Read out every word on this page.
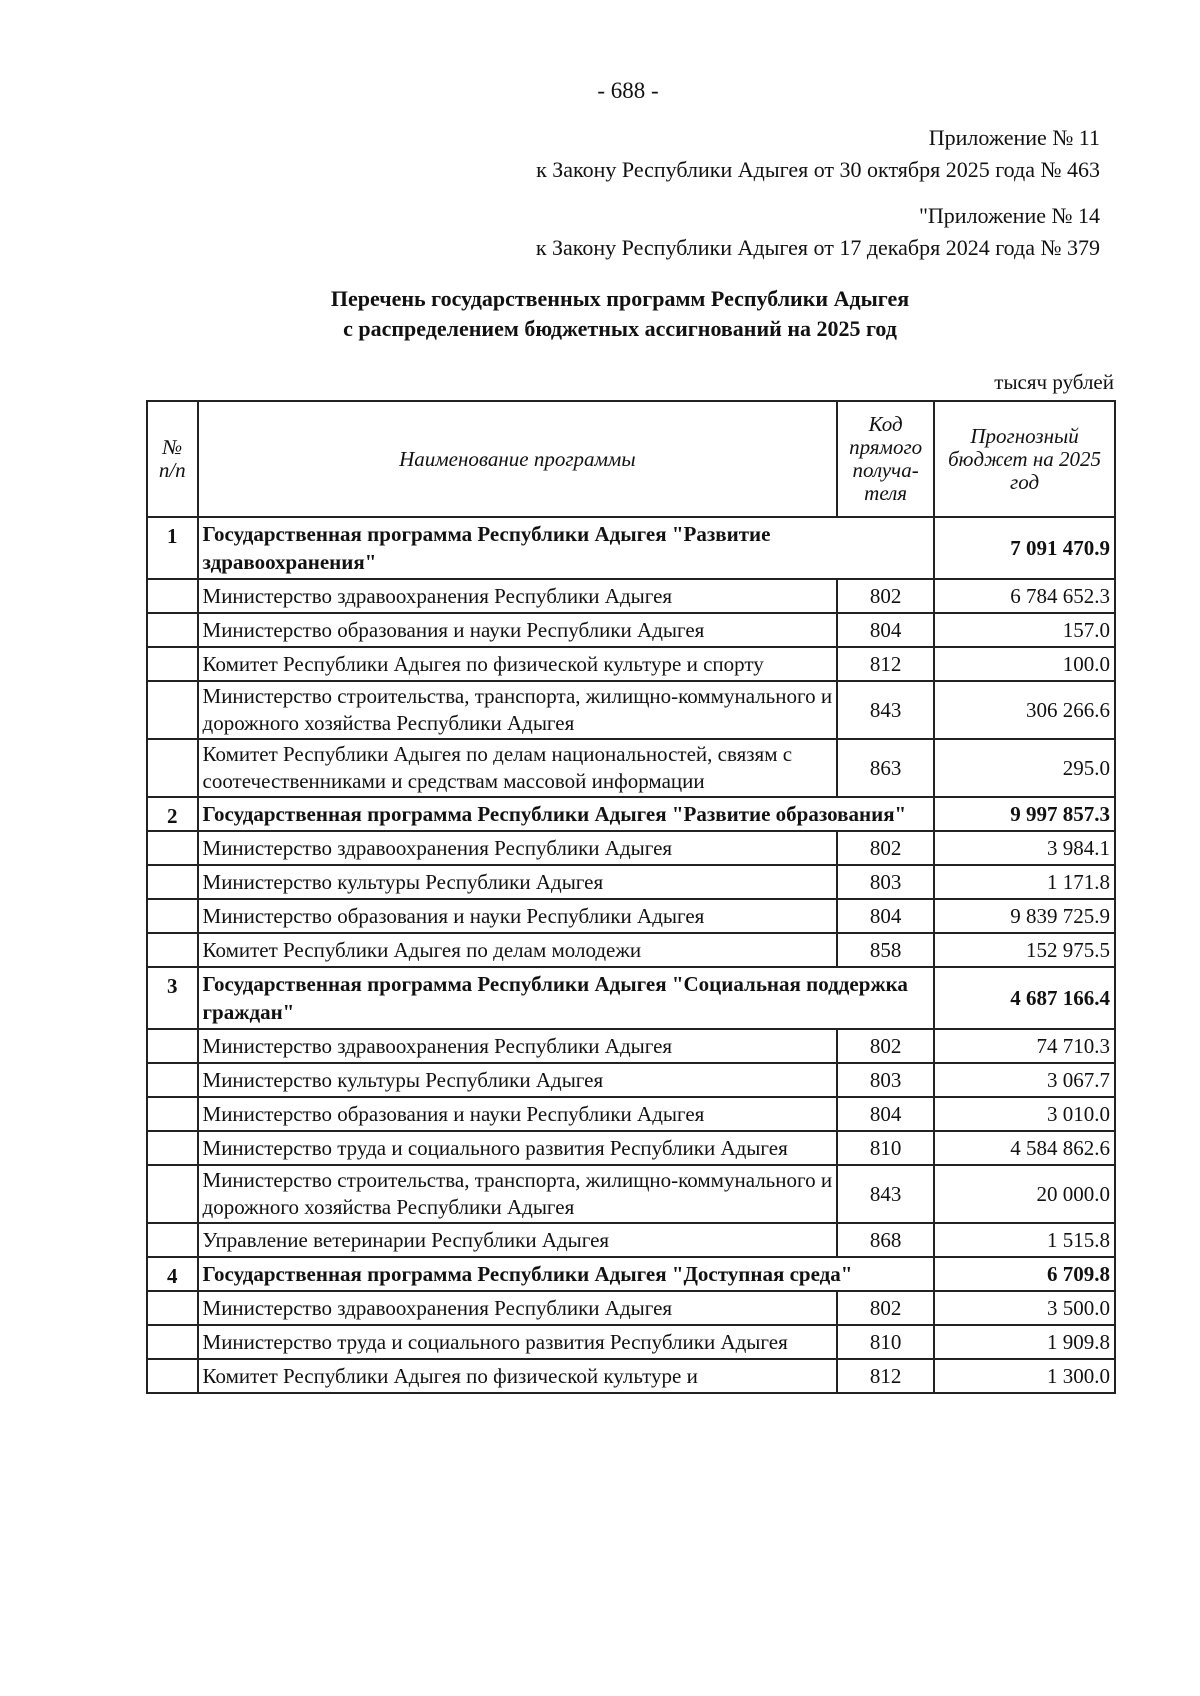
- 688 -
Приложение № 11
к Закону Республики Адыгея от 30 октября 2025 года № 463
"Приложение № 14
к Закону Республики Адыгея от 17 декабря 2024 года № 379
Перечень государственных программ Республики Адыгея
с распределением бюджетных ассигнований на 2025 год
тысяч рублей
№ п/п	Наименование программы	Код прямого получа-теля	Прогнозный бюджет на 2025 год
1	Государственная программа Республики Адыгея "Развитие здравоохранения"		7 091 470.9
	Министерство здравоохранения Республики Адыгея	802	6 784 652.3
	Министерство образования и науки Республики Адыгея	804	157.0
	Комитет Республики Адыгея по физической культуре и спорту	812	100.0
	Министерство строительства, транспорта, жилищно-коммунального и дорожного хозяйства Республики Адыгея	843	306 266.6
	Комитет Республики Адыгея по делам национальностей, связям с соотечественниками и средствам массовой информации	863	295.0
2	Государственная программа Республики Адыгея "Развитие образования"		9 997 857.3
	Министерство здравоохранения Республики Адыгея	802	3 984.1
	Министерство культуры Республики Адыгея	803	1 171.8
	Министерство образования и науки Республики Адыгея	804	9 839 725.9
	Комитет Республики Адыгея по делам молодежи	858	152 975.5
3	Государственная программа Республики Адыгея "Социальная поддержка граждан"		4 687 166.4
	Министерство здравоохранения Республики Адыгея	802	74 710.3
	Министерство культуры Республики Адыгея	803	3 067.7
	Министерство образования и науки Республики Адыгея	804	3 010.0
	Министерство труда и социального развития Республики Адыгея	810	4 584 862.6
	Министерство строительства, транспорта, жилищно-коммунального и дорожного хозяйства Республики Адыгея	843	20 000.0
	Управление ветеринарии Республики Адыгея	868	1 515.8
4	Государственная программа Республики Адыгея "Доступная среда"		6 709.8
	Министерство здравоохранения Республики Адыгея	802	3 500.0
	Министерство труда и социального развития Республики Адыгея	810	1 909.8
	Комитет Республики Адыгея по физической культуре и	812	1 300.0
